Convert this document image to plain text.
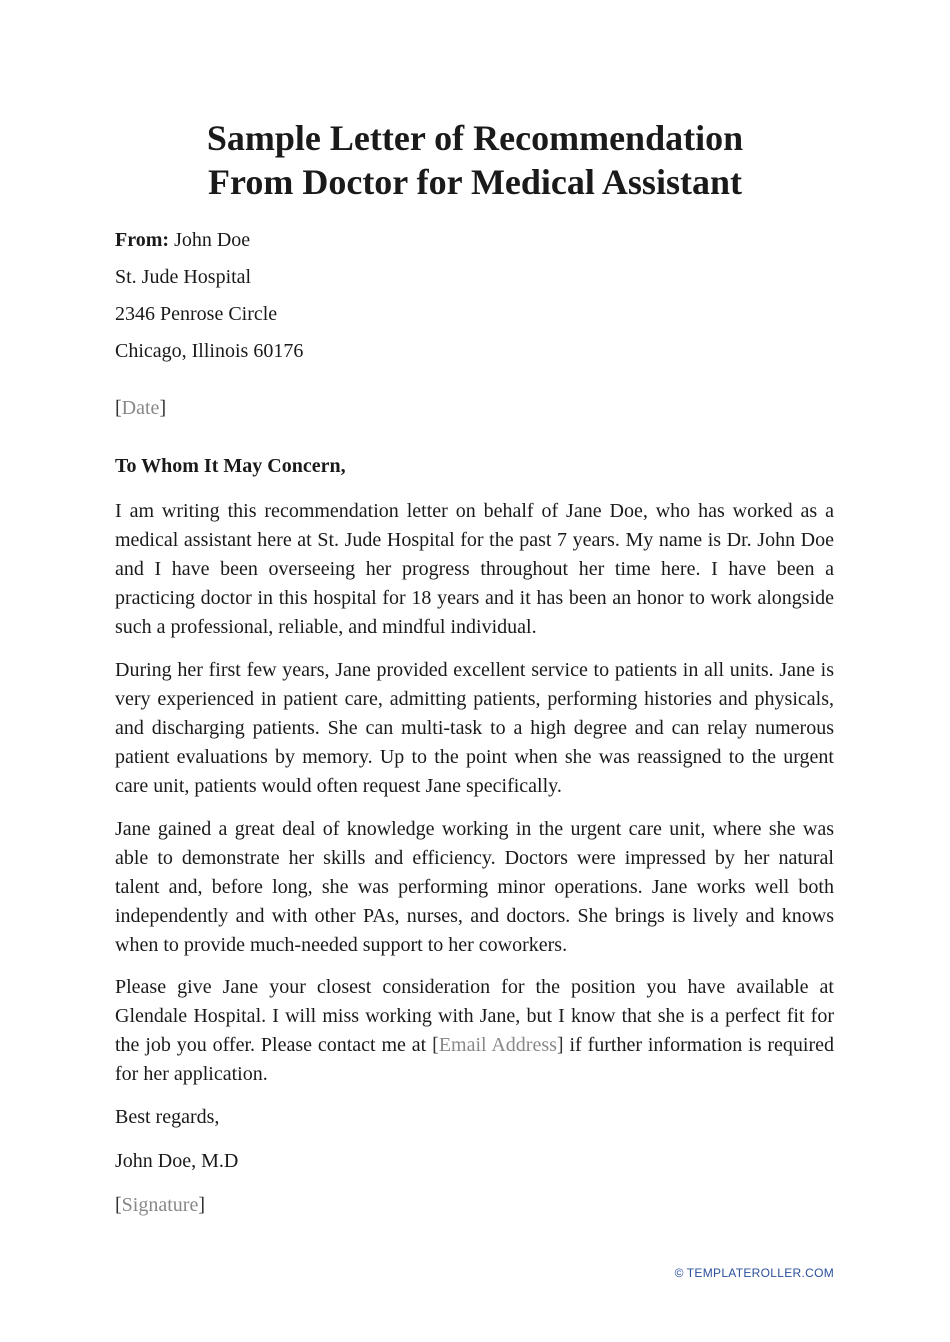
Sample Letter of Recommendation
From Doctor for Medical Assistant

From: John Doe

St. Jude Hospital

2346 Penrose Circle

Chicago, Illinois 60176

[Date]

To Whom It May Concern,

I am writing this recommendation letter on behalf of Jane Doe, who has worked as a medical assistant here at St. Jude Hospital for the past 7 years. My name is Dr. John Doe and I have been overseeing her progress throughout her time here. I have been a practicing doctor in this hospital for 18 years and it has been an honor to work alongside such a professional, reliable, and mindful individual.

During her first few years, Jane provided excellent service to patients in all units. Jane is very experienced in patient care, admitting patients, performing histories and physicals, and discharging patients. She can multi-task to a high degree and can relay numerous patient evaluations by memory. Up to the point when she was reassigned to the urgent care unit, patients would often request Jane specifically.

Jane gained a great deal of knowledge working in the urgent care unit, where she was able to demonstrate her skills and efficiency. Doctors were impressed by her natural talent and, before long, she was performing minor operations. Jane works well both independently and with other PAs, nurses, and doctors. She brings is lively and knows when to provide much-needed support to her coworkers.

Please give Jane your closest consideration for the position you have available at Glendale Hospital. I will miss working with Jane, but I know that she is a perfect fit for the job you offer. Please contact me at [Email Address] if further information is required for her application.

Best regards,

John Doe, M.D

[Signature]

© TEMPLATEROLLER.COM
